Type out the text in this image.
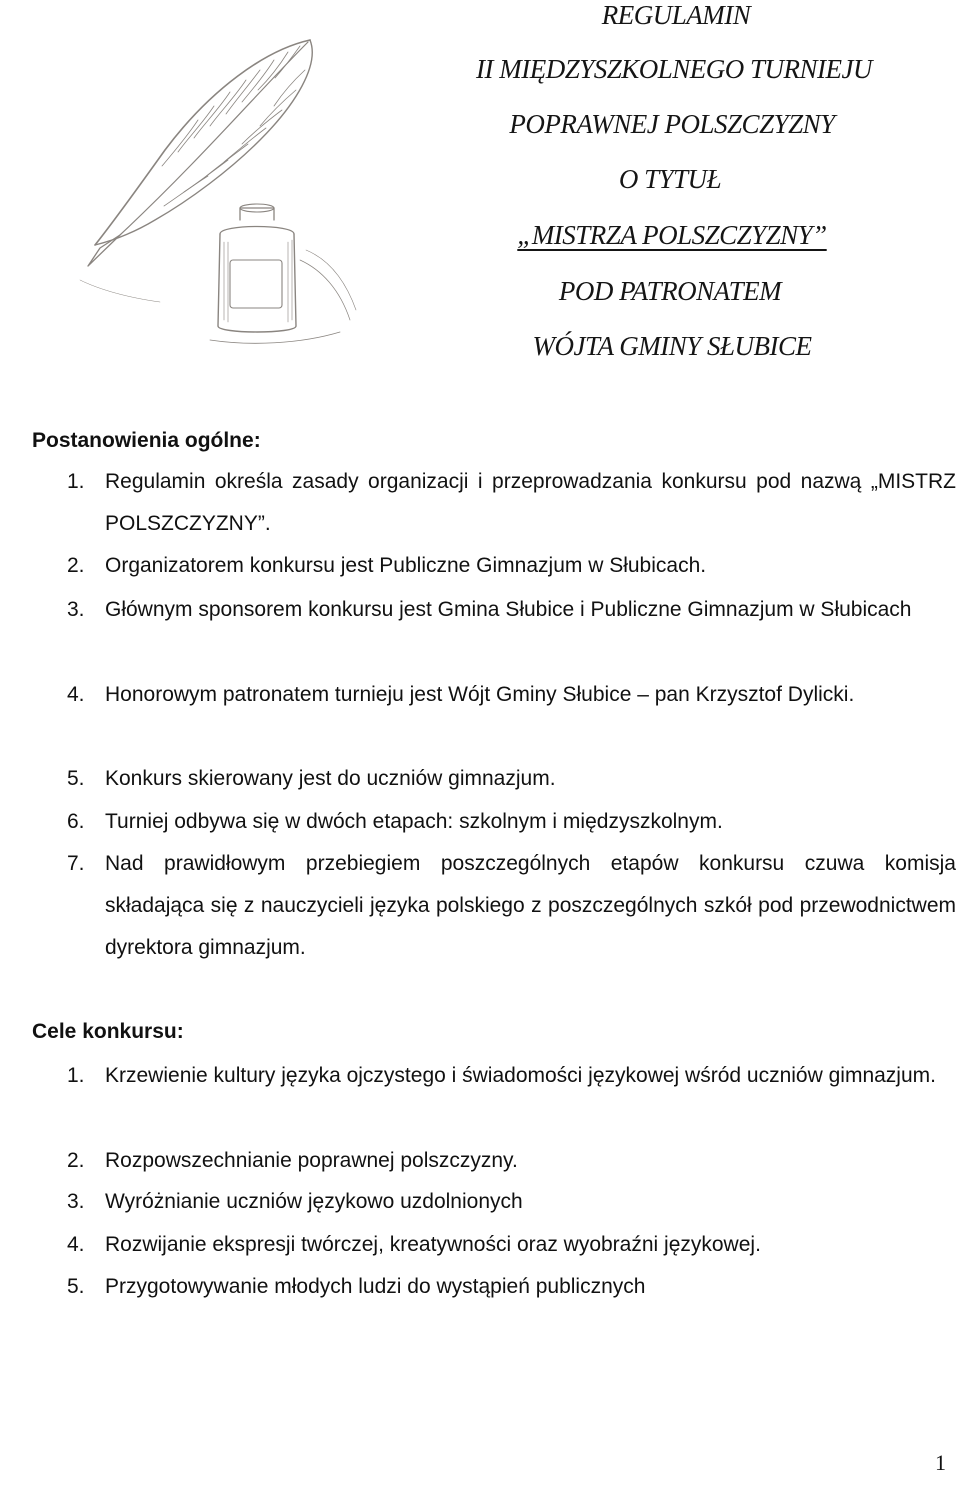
REGULAMIN
II MIĘDZYSZKOLNEGO TURNIEJU
POPRAWNEJ POLSZCZYZNY
O TYTUŁ
„MISTRZA POLSZCZYZNY”
POD PATRONATEM
WÓJTA GMINY SŁUBICE
Postanowienia ogólne:
1. Regulamin określa zasady organizacji i przeprowadzania konkursu pod nazwą „MISTRZ POLSZCZYZNY”.
2. Organizatorem konkursu jest Publiczne Gimnazjum w Słubicach.
3. Głównym sponsorem konkursu jest Gmina Słubice i Publiczne Gimnazjum w Słubicach
4. Honorowym patronatem turnieju jest Wójt Gminy Słubice – pan Krzysztof Dylicki.
5. Konkurs skierowany jest do uczniów gimnazjum.
6. Turniej odbywa się w dwóch etapach: szkolnym i międzyszkolnym.
7. Nad prawidłowym przebiegiem poszczególnych etapów konkursu czuwa komisja składająca się z nauczycieli języka polskiego z poszczególnych szkół pod przewodnictwem dyrektora gimnazjum.
Cele konkursu:
1. Krzewienie kultury języka ojczystego i świadomości językowej wśród uczniów gimnazjum.
2. Rozpowszechnianie poprawnej polszczyzny.
3. Wyróżnianie uczniów językowo uzdolnionych
4. Rozwijanie ekspresji twórczej, kreatywności oraz wyobraźni językowej.
5. Przygotowywanie młodych ludzi do wystąpień publicznych
1
